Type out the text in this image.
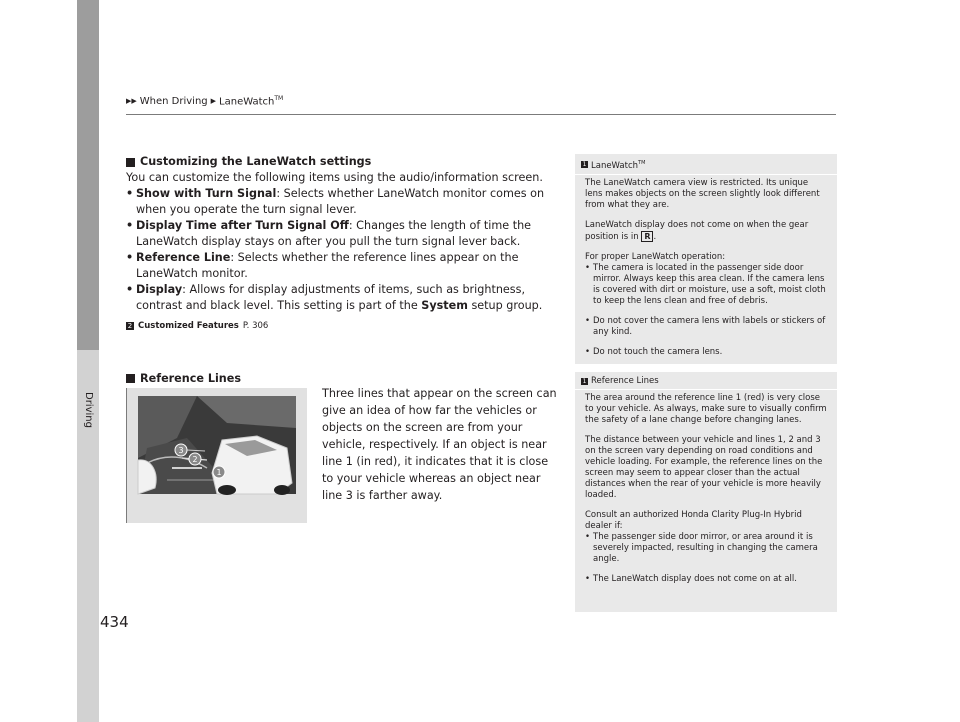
Driving
▶▶ When Driving ▶ LaneWatch™
Customizing the LaneWatch settings

You can customize the following items using the audio/information screen.

• Show with Turn Signal: Selects whether LaneWatch monitor comes on when you operate the turn signal lever.

• Display Time after Turn Signal Off: Changes the length of time the LaneWatch display stays on after you pull the turn signal lever back.

• Reference Line: Selects whether the reference lines appear on the LaneWatch monitor.

• Display: Allows for display adjustments of items, such as brightness, contrast and black level. This setting is part of the System setup group.

2 Customized Features P. 306
Reference Lines
Three lines that appear on the screen can give an idea of how far the vehicles or objects on the screen are from your vehicle, respectively. If an object is near line 1 (in red), it indicates that it is close to your vehicle whereas an object near line 3 is farther away.
3
2
1
1 LaneWatch™

The LaneWatch camera view is restricted. Its unique lens makes objects on the screen slightly look different from what they are.

LaneWatch display does not come on when the gear position is in R .

For proper LaneWatch operation:

• The camera is located in the passenger side door mirror. Always keep this area clean. If the camera lens is covered with dirt or moisture, use a soft, moist cloth to keep the lens clean and free of debris.

• Do not cover the camera lens with labels or stickers of any kind.

• Do not touch the camera lens.

1 Reference Lines

The area around the reference line 1 (red) is very close to your vehicle. As always, make sure to visually confirm the safety of a lane change before changing lanes.

The distance between your vehicle and lines 1, 2 and 3 on the screen vary depending on road conditions and vehicle loading. For example, the reference lines on the screen may seem to appear closer than the actual distances when the rear of your vehicle is more heavily loaded.

Consult an authorized Honda Clarity Plug-In Hybrid dealer if:

• The passenger side door mirror, or area around it is severely impacted, resulting in changing the camera angle.

• The LaneWatch display does not come on at all.

434
